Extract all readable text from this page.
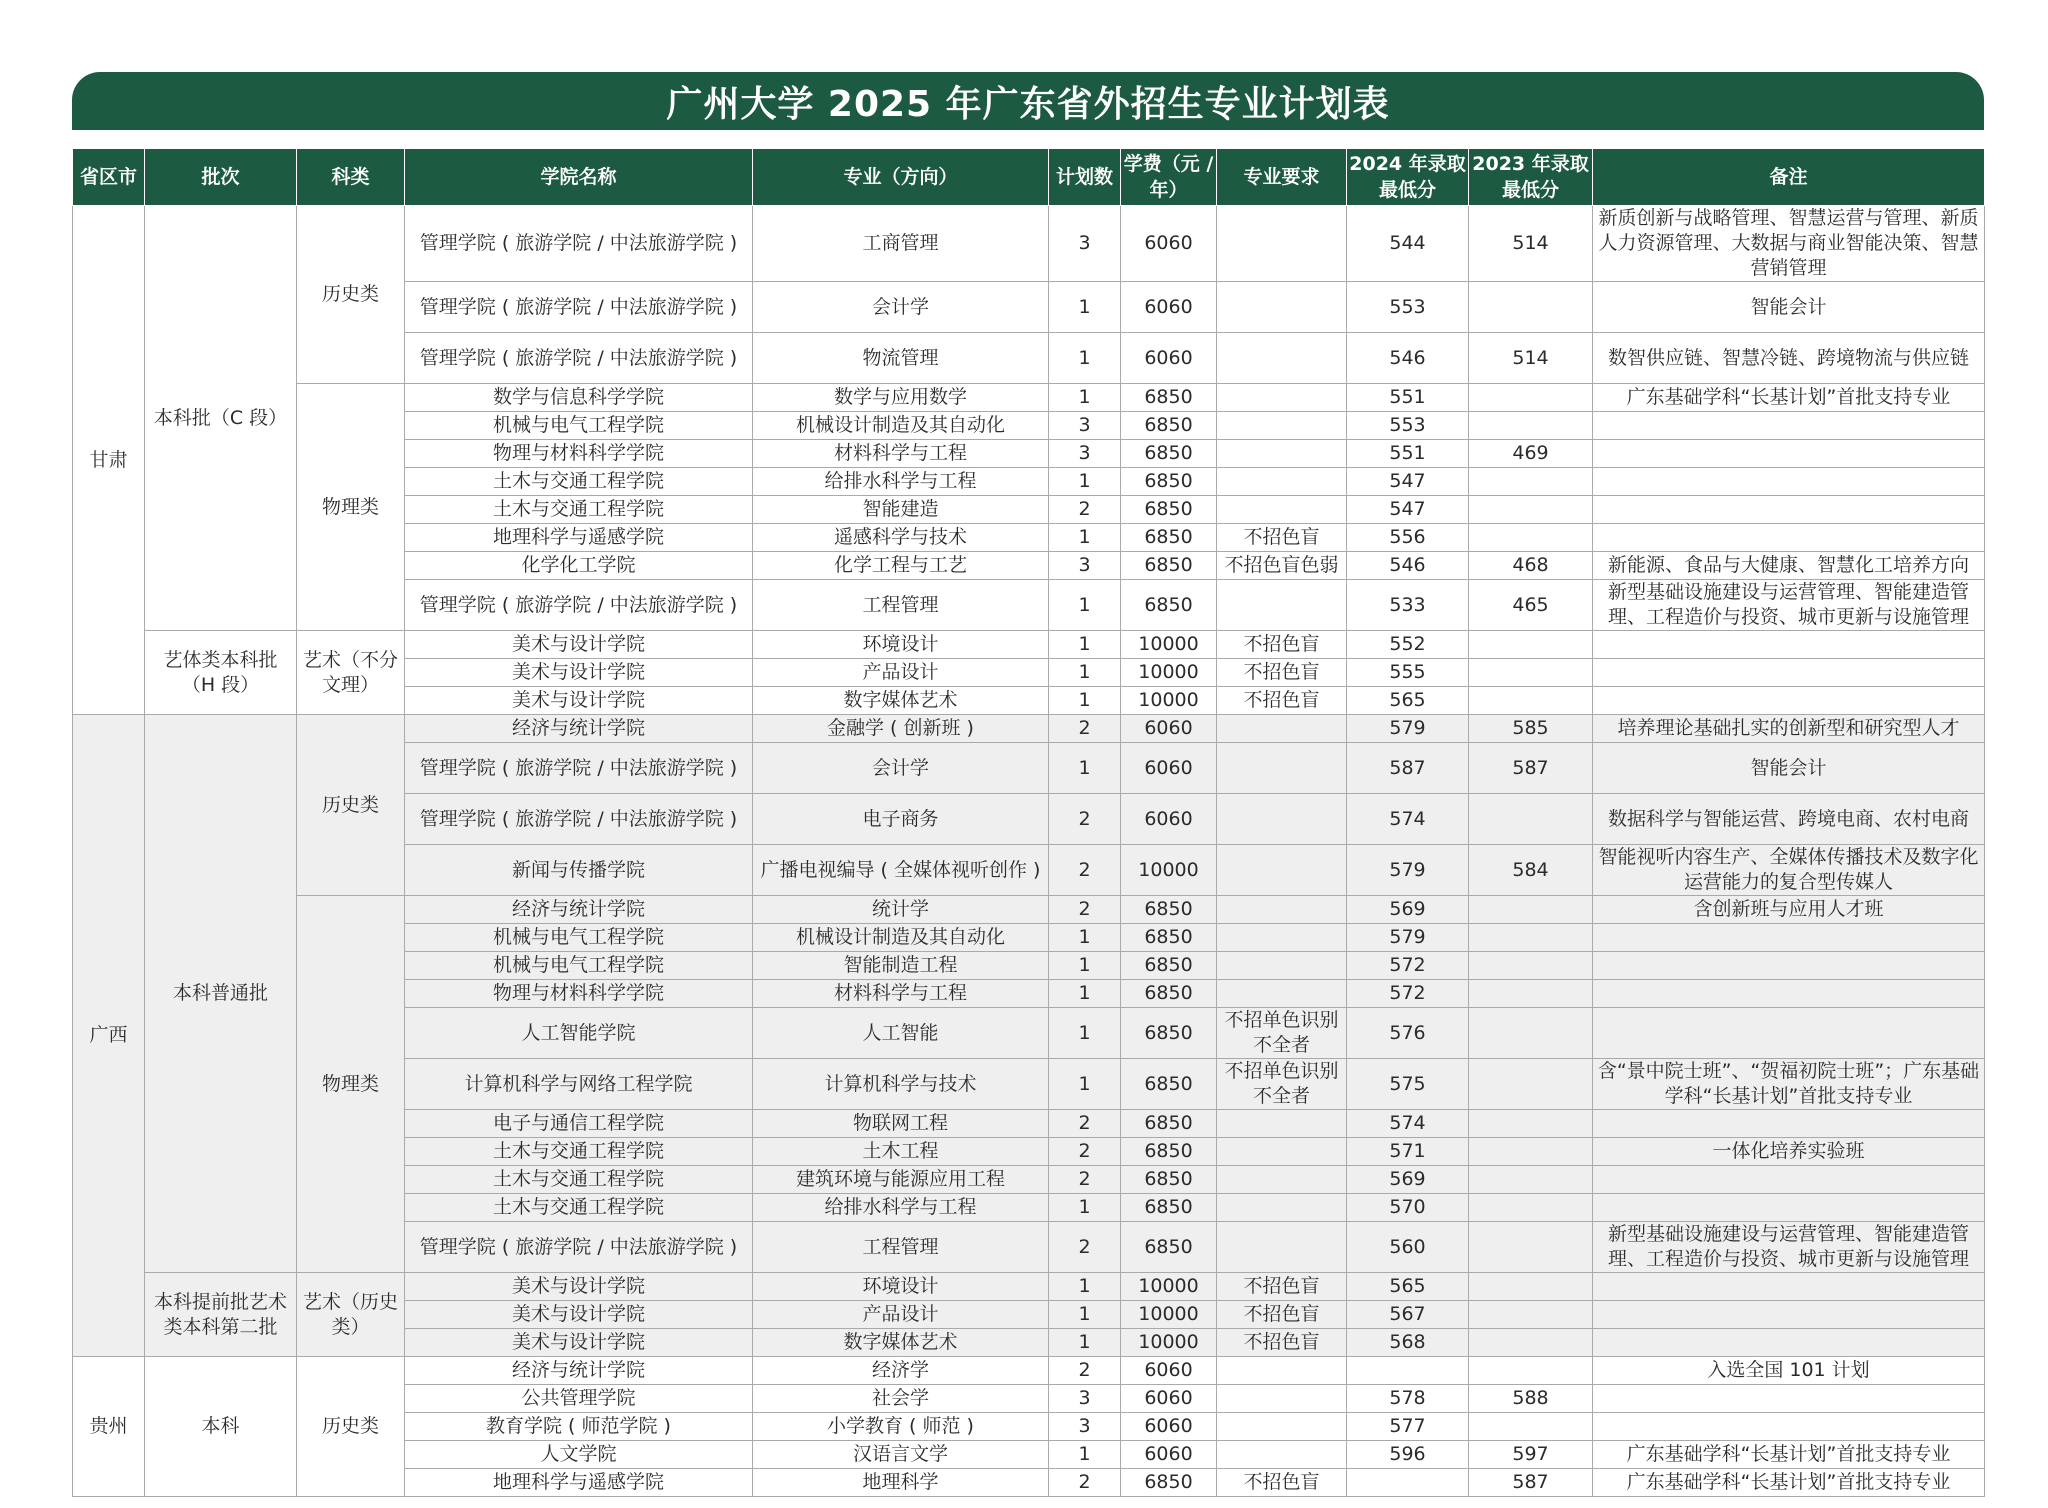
广州大学 2025 年广东省外招生专业计划表
省区市	批次	科类	学院名称	专业（方向）	计划数	学费（元 / 年）	专业要求	2024 年录取最低分	2023 年录取最低分	备注
甘肃	本科批（C 段）	历史类	管理学院 ( 旅游学院 / 中法旅游学院 )	工商管理	3	6060		544	514	新质创新与战略管理、智慧运营与管理、新质人力资源管理、大数据与商业智能决策、智慧营销管理
			管理学院 ( 旅游学院 / 中法旅游学院 )	会计学	1	6060		553		智能会计
			管理学院 ( 旅游学院 / 中法旅游学院 )	物流管理	1	6060		546	514	数智供应链、智慧冷链、跨境物流与供应链
		物理类	数学与信息科学学院	数学与应用数学	1	6850		551		广东基础学科“长基计划”首批支持专业
			机械与电气工程学院	机械设计制造及其自动化	3	6850		553		
			物理与材料科学学院	材料科学与工程	3	6850		551	469	
			土木与交通工程学院	给排水科学与工程	1	6850		547		
			土木与交通工程学院	智能建造	2	6850		547		
			地理科学与遥感学院	遥感科学与技术	1	6850	不招色盲	556		
			化学化工学院	化学工程与工艺	3	6850	不招色盲色弱	546	468	新能源、食品与大健康、智慧化工培养方向
			管理学院 ( 旅游学院 / 中法旅游学院 )	工程管理	1	6850		533	465	新型基础设施建设与运营管理、智能建造管理、工程造价与投资、城市更新与设施管理
	艺体类本科批（H 段）	艺术（不分文理）	美术与设计学院	环境设计	1	10000	不招色盲	552		
			美术与设计学院	产品设计	1	10000	不招色盲	555		
			美术与设计学院	数字媒体艺术	1	10000	不招色盲	565		
广西	本科普通批	历史类	经济与统计学院	金融学 ( 创新班 )	2	6060		579	585	培养理论基础扎实的创新型和研究型人才
			管理学院 ( 旅游学院 / 中法旅游学院 )	会计学	1	6060		587	587	智能会计
			管理学院 ( 旅游学院 / 中法旅游学院 )	电子商务	2	6060		574		数据科学与智能运营、跨境电商、农村电商
			新闻与传播学院	广播电视编导 ( 全媒体视听创作 )	2	10000		579	584	智能视听内容生产、全媒体传播技术及数字化运营能力的复合型传媒人
		物理类	经济与统计学院	统计学	2	6850		569		含创新班与应用人才班
			机械与电气工程学院	机械设计制造及其自动化	1	6850		579		
			机械与电气工程学院	智能制造工程	1	6850		572		
			物理与材料科学学院	材料科学与工程	1	6850		572		
			人工智能学院	人工智能	1	6850	不招单色识别不全者	576		
			计算机科学与网络工程学院	计算机科学与技术	1	6850	不招单色识别不全者	575		含“景中院士班”、“贺福初院士班”；广东基础学科“长基计划”首批支持专业
			电子与通信工程学院	物联网工程	2	6850		574		
			土木与交通工程学院	土木工程	2	6850		571		一体化培养实验班
			土木与交通工程学院	建筑环境与能源应用工程	2	6850		569		
			土木与交通工程学院	给排水科学与工程	1	6850		570		
			管理学院 ( 旅游学院 / 中法旅游学院 )	工程管理	2	6850		560		新型基础设施建设与运营管理、智能建造管理、工程造价与投资、城市更新与设施管理
	本科提前批艺术类本科第二批	艺术（历史类）	美术与设计学院	环境设计	1	10000	不招色盲	565		
			美术与设计学院	产品设计	1	10000	不招色盲	567		
			美术与设计学院	数字媒体艺术	1	10000	不招色盲	568		
贵州	本科	历史类	经济与统计学院	经济学	2	6060				入选全国 101 计划
			公共管理学院	社会学	3	6060		578	588	
			教育学院 ( 师范学院 )	小学教育 ( 师范 )	3	6060		577		
			人文学院	汉语言文学	1	6060		596	597	广东基础学科“长基计划”首批支持专业
			地理科学与遥感学院	地理科学	2	6850	不招色盲		587	广东基础学科“长基计划”首批支持专业
